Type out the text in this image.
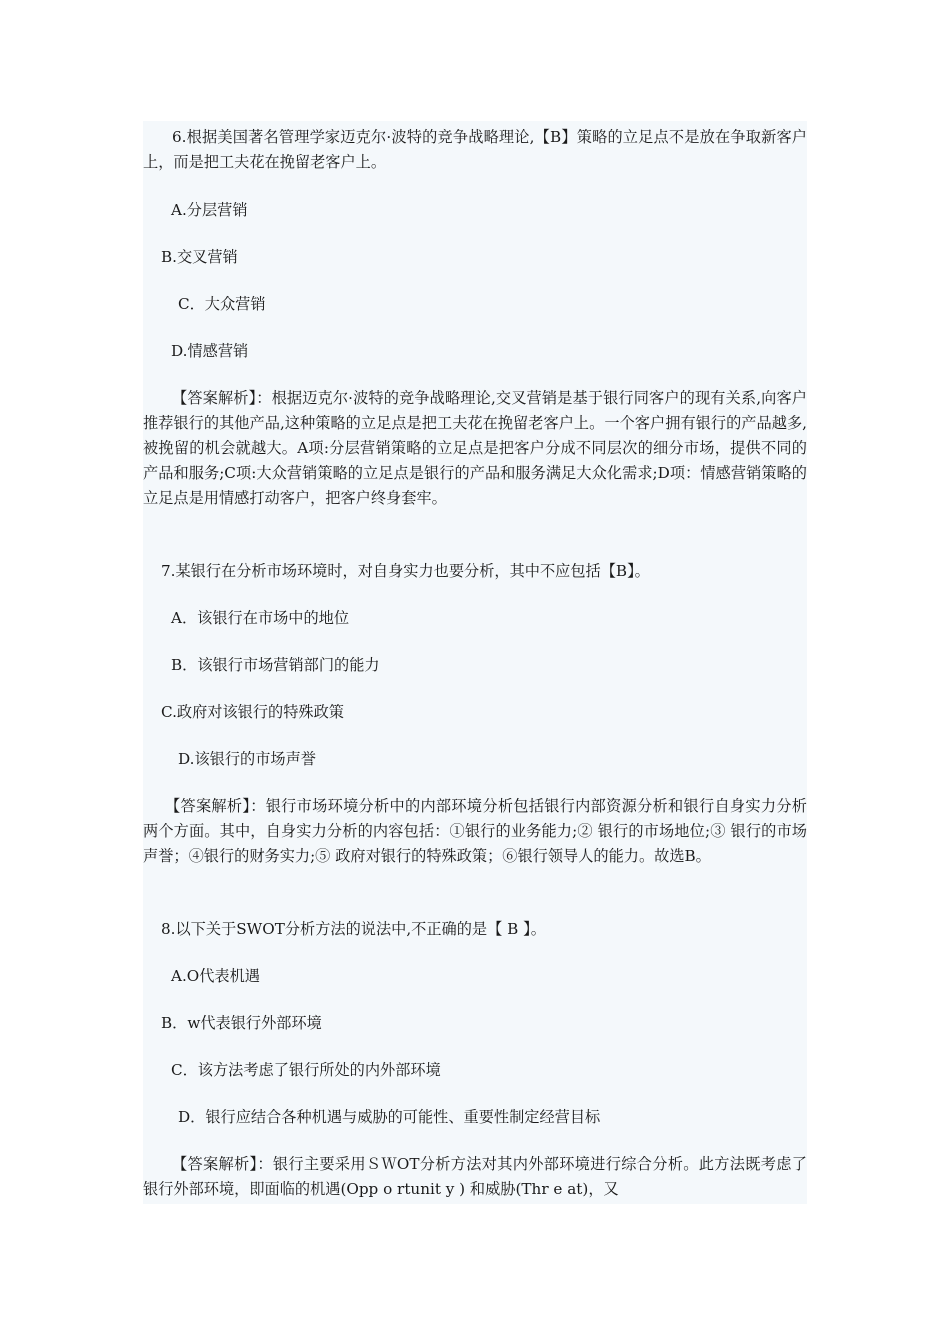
6.根据美国著名管理学家迈克尔·波特的竞争战略理论,【B】策略的立足点不是放在争取新客户上，而是把工夫花在挽留老客户上。

A.分层营销

B.交叉营销

C．大众营销

D.情感营销

【答案解析】：根据迈克尔·波特的竞争战略理论,交叉营销是基于银行同客户的现有关系,向客户推荐银行的其他产品,这种策略的立足点是把工夫花在挽留老客户上。一个客户拥有银行的产品越多,被挽留的机会就越大。A项:分层营销策略的立足点是把客户分成不同层次的细分市场，提供不同的产品和服务;C项:大众营销策略的立足点是银行的产品和服务满足大众化需求;D项：情感营销策略的立足点是用情感打动客户，把客户终身套牢。

7.某银行在分析市场环境时，对自身实力也要分析，其中不应包括【B】。

A．该银行在市场中的地位

B．该银行市场营销部门的能力

C.政府对该银行的特殊政策

D.该银行的市场声誉

【答案解析】：银行市场环境分析中的内部环境分析包括银行内部资源分析和银行自身实力分析两个方面。其中，自身实力分析的内容包括：①银行的业务能力;② 银行的市场地位;③ 银行的市场声誉；④银行的财务实力;⑤ 政府对银行的特殊政策；⑥银行领导人的能力。故选B。

8.以下关于SWOT分析方法的说法中,不正确的是【 B 】。

A.O代表机遇

B．w代表银行外部环境

C．该方法考虑了银行所处的内外部环境

D．银行应结合各种机遇与威胁的可能性、重要性制定经营目标

【答案解析】：银行主要采用ＳＷOT分析方法对其内外部环境进行综合分析。此方法既考虑了银行外部环境，即面临的机遇(Opp o rtunit y ) 和威胁(Thr e at)，又
